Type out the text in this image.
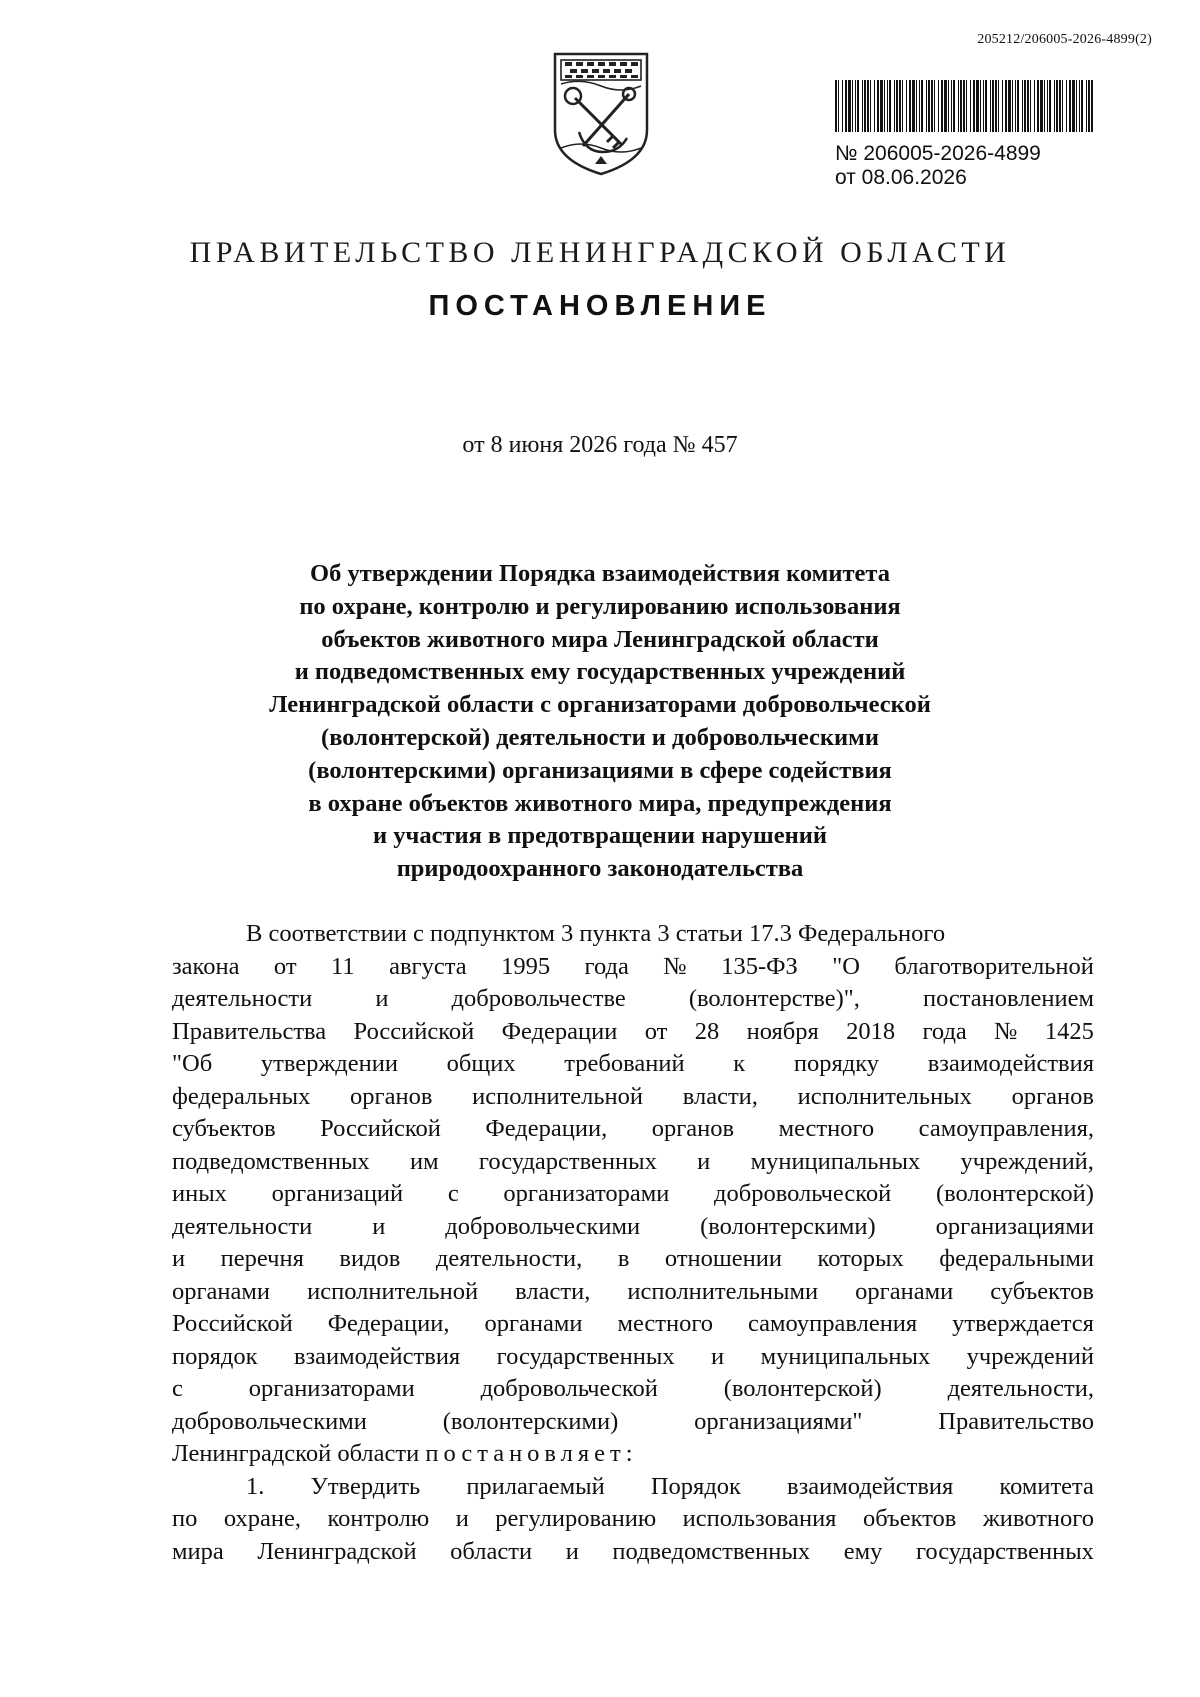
205212/206005-2026-4899(2)
№ 206005-2026-4899
от 08.06.2026
ПРАВИТЕЛЬСТВО ЛЕНИНГРАДСКОЙ ОБЛАСТИ
ПОСТАНОВЛЕНИЕ
от 8 июня 2026 года № 457
Об утверждении Порядка взаимодействия комитета
по охране, контролю и регулированию использования
объектов животного мира Ленинградской области
и подведомственных ему государственных учреждений
Ленинградской области с организаторами добровольческой
(волонтерской) деятельности и добровольческими
(волонтерскими) организациями в сфере содействия
в охране объектов животного мира, предупреждения
и участия в предотвращении нарушений
природоохранного законодательства
В соответствии с подпунктом 3 пункта 3 статьи 17.3 Федерального
закона от 11 августа 1995 года № 135-ФЗ "О благотворительной
деятельности	и	добровольчестве	(волонтерстве)",	постановлением
Правительства Российской Федерации от 28 ноября 2018 года № 1425
"Об утверждении общих требований к порядку взаимодействия
федеральных органов исполнительной власти, исполнительных органов
субъектов Российской Федерации, органов местного самоуправления,
подведомственных им государственных и муниципальных учреждений,
иных организаций с организаторами добровольческой (волонтерской)
деятельности и добровольческими (волонтерскими) организациями
и перечня видов деятельности, в отношении которых федеральными
органами исполнительной власти, исполнительными органами субъектов
Российской Федерации, органами местного самоуправления утверждается
порядок взаимодействия государственных и муниципальных учреждений
с	организаторами	добровольческой	(волонтерской)	деятельности,
добровольческими	(волонтерскими)	организациями"	Правительство
Ленинградской области постановляет:
1. Утвердить прилагаемый Порядок взаимодействия комитета
по охране, контролю и регулированию использования объектов животного
мира Ленинградской области и подведомственных ему государственных
